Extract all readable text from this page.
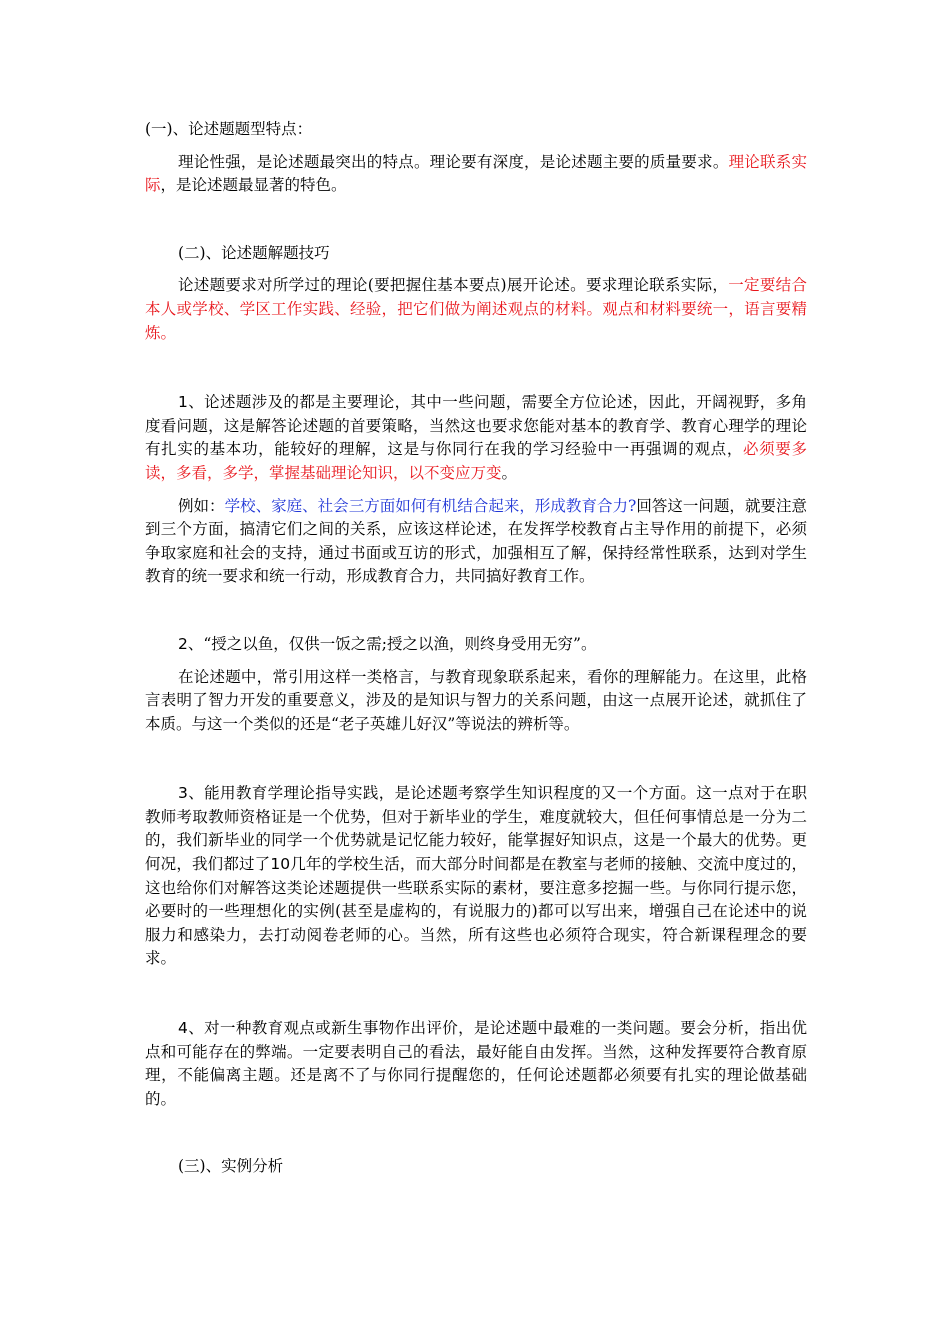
(一)、论述题题型特点：

理论性强，是论述题最突出的特点。理论要有深度，是论述题主要的质量要求。理论联系实际，是论述题最显著的特色。

(二)、论述题解题技巧

论述题要求对所学过的理论(要把握住基本要点)展开论述。要求理论联系实际，一定要结合本人或学校、学区工作实践、经验，把它们做为阐述观点的材料。观点和材料要统一，语言要精炼。

1、论述题涉及的都是主要理论，其中一些问题，需要全方位论述，因此，开阔视野，多角度看问题，这是解答论述题的首要策略，当然这也要求您能对基本的教育学、教育心理学的理论有扎实的基本功，能较好的理解，这是与你同行在我的学习经验中一再强调的观点，必须要多读，多看，多学，掌握基础理论知识，以不变应万变。

例如：学校、家庭、社会三方面如何有机结合起来，形成教育合力?回答这一问题，就要注意到三个方面，搞清它们之间的关系，应该这样论述，在发挥学校教育占主导作用的前提下，必须争取家庭和社会的支持，通过书面或互访的形式，加强相互了解，保持经常性联系，达到对学生教育的统一要求和统一行动，形成教育合力，共同搞好教育工作。

2、“授之以鱼，仅供一饭之需;授之以渔，则终身受用无穷”。

在论述题中，常引用这样一类格言，与教育现象联系起来，看你的理解能力。在这里，此格言表明了智力开发的重要意义，涉及的是知识与智力的关系问题，由这一点展开论述，就抓住了本质。与这一个类似的还是“老子英雄儿好汉”等说法的辨析等。

3、能用教育学理论指导实践，是论述题考察学生知识程度的又一个方面。这一点对于在职教师考取教师资格证是一个优势，但对于新毕业的学生，难度就较大，但任何事情总是一分为二的，我们新毕业的同学一个优势就是记忆能力较好，能掌握好知识点，这是一个最大的优势。更何况，我们都过了10几年的学校生活，而大部分时间都是在教室与老师的接触、交流中度过的，这也给你们对解答这类论述题提供一些联系实际的素材，要注意多挖掘一些。与你同行提示您，必要时的一些理想化的实例(甚至是虚构的，有说服力的)都可以写出来，增强自己在论述中的说服力和感染力，去打动阅卷老师的心。当然，所有这些也必须符合现实，符合新课程理念的要求。

4、对一种教育观点或新生事物作出评价，是论述题中最难的一类问题。要会分析，指出优点和可能存在的弊端。一定要表明自己的看法，最好能自由发挥。当然，这种发挥要符合教育原理，不能偏离主题。还是离不了与你同行提醒您的，任何论述题都必须要有扎实的理论做基础的。

(三)、实例分析
